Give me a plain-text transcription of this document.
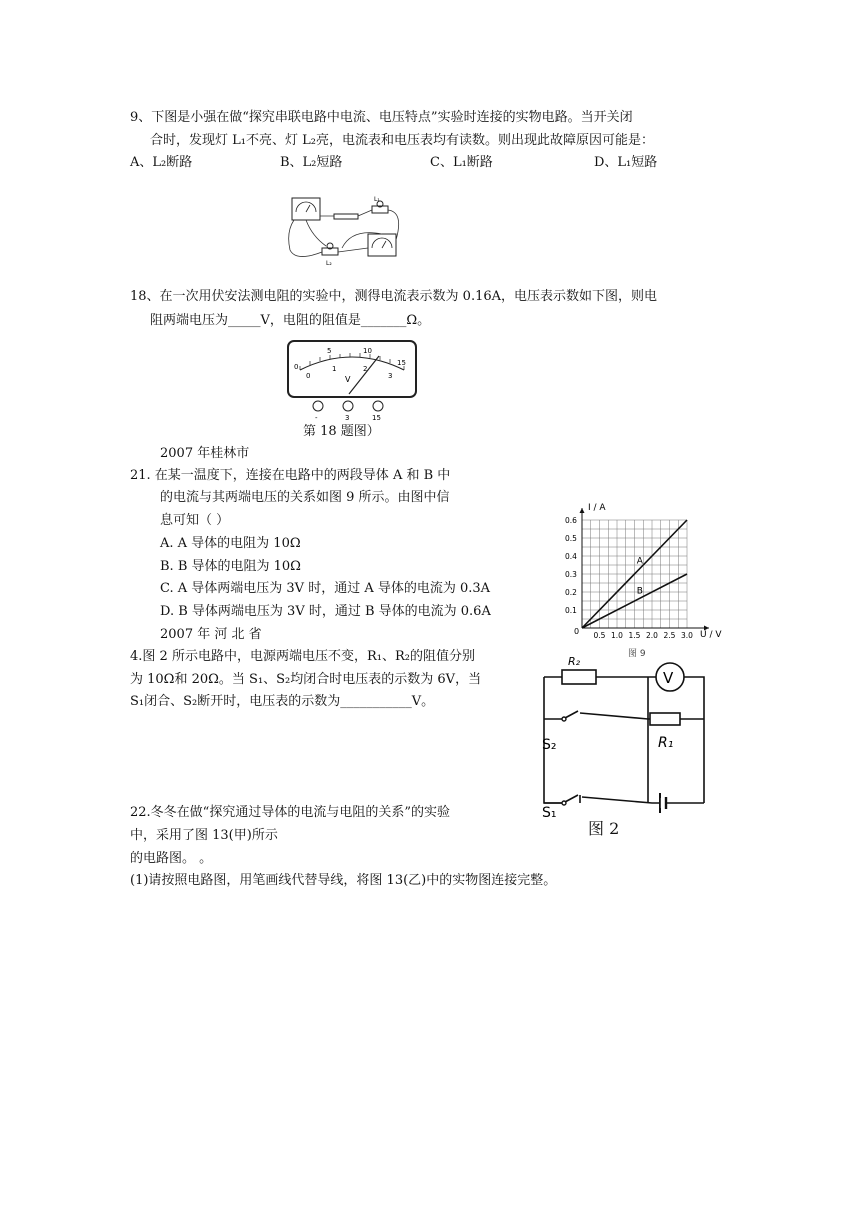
9、下图是小强在做“探究串联电路中电流、电压特点”实验时连接的实物电路。当开关闭
合时，发现灯 L₁不亮、灯 L₂亮，电流表和电压表均有读数。则出现此故障原因可能是：
A、L₂断路	B、L₂短路	C、L₁断路	D、L₁短路
L₁
L₂
18、在一次用伏安法测电阻的实验中，测得电流表示数为 0.16A，电压表示数如下图，则电
阻两端电压为_____V，电阻的阻值是_______Ω。
0
5	10
15
0
1	2
3
V
-	3	15
第 18 题图）
2007 年桂林市
21. 在某一温度下，连接在电路中的两段导体 A 和 B 中
的电流与其两端电压的关系如图 9 所示。由图中信
息可知（ ）
A. A 导体的电阻为 10Ω
B. B 导体的电阻为 10Ω
C. A 导体两端电压为 3V 时，通过 A 导体的电流为 0.3A
D. B 导体两端电压为 3V 时，通过 B 导体的电流为 0.6A
2007 年 河 北 省	0.5 1.0 1.5 2.0 2.5 3.0
0.1
0.2
0.3
0.4
0.5
0.6
A
B
I / A
U / V
0
图 9
4.图 2 所示电路中，电源两端电压不变，R₁、R₂的阻值分别
为 10Ω和 20Ω。当 S₁、S₂均闭合时电压表的示数为 6V，当
S₁闭合、S₂断开时，电压表的示数为___________V。
R₂
V
R₁
S₂
S₁
图 2
22.冬冬在做“探究通过导体的电流与电阻的关系”的实验
中，采用了图 13(甲)所示
的电路图。 。
(1)请按照电路图，用笔画线代替导线，将图 13(乙)中的实物图连接完整。
